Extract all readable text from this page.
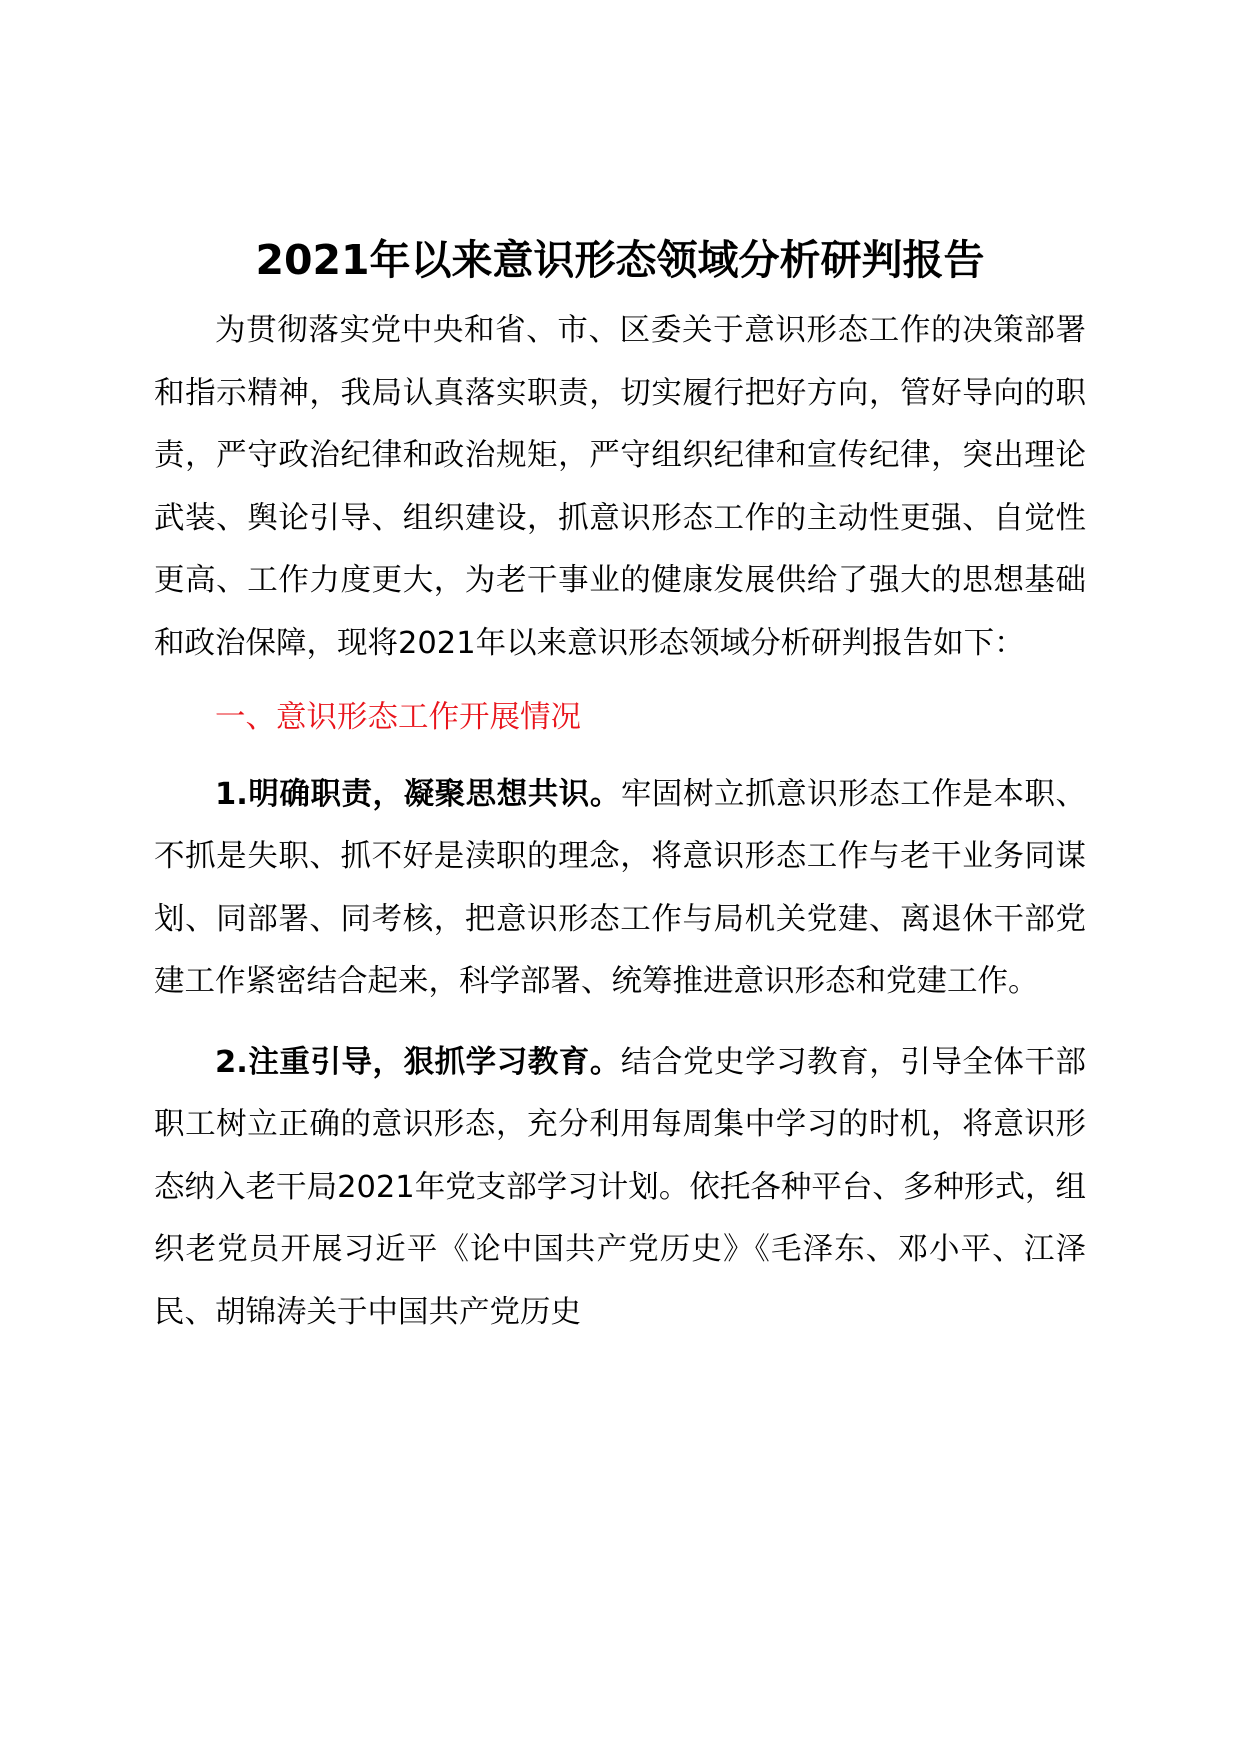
2021年以来意识形态领域分析研判报告

为贯彻落实党中央和省、市、区委关于意识形态工作的决策部署和指示精神，我局认真落实职责，切实履行把好方向，管好导向的职责，严守政治纪律和政治规矩，严守组织纪律和宣传纪律，突出理论武装、舆论引导、组织建设，抓意识形态工作的主动性更强、自觉性更高、工作力度更大，为老干事业的健康发展供给了强大的思想基础和政治保障，现将2021年以来意识形态领域分析研判报告如下：

一、意识形态工作开展情况

1.明确职责，凝聚思想共识。牢固树立抓意识形态工作是本职、不抓是失职、抓不好是渎职的理念，将意识形态工作与老干业务同谋划、同部署、同考核，把意识形态工作与局机关党建、离退休干部党建工作紧密结合起来，科学部署、统筹推进意识形态和党建工作。

2.注重引导，狠抓学习教育。结合党史学习教育，引导全体干部职工树立正确的意识形态，充分利用每周集中学习的时机，将意识形态纳入老干局2021年党支部学习计划。依托各种平台、多种形式，组织老党员开展习近平《论中国共产党历史》《毛泽东、邓小平、江泽民、胡锦涛关于中国共产党历史
